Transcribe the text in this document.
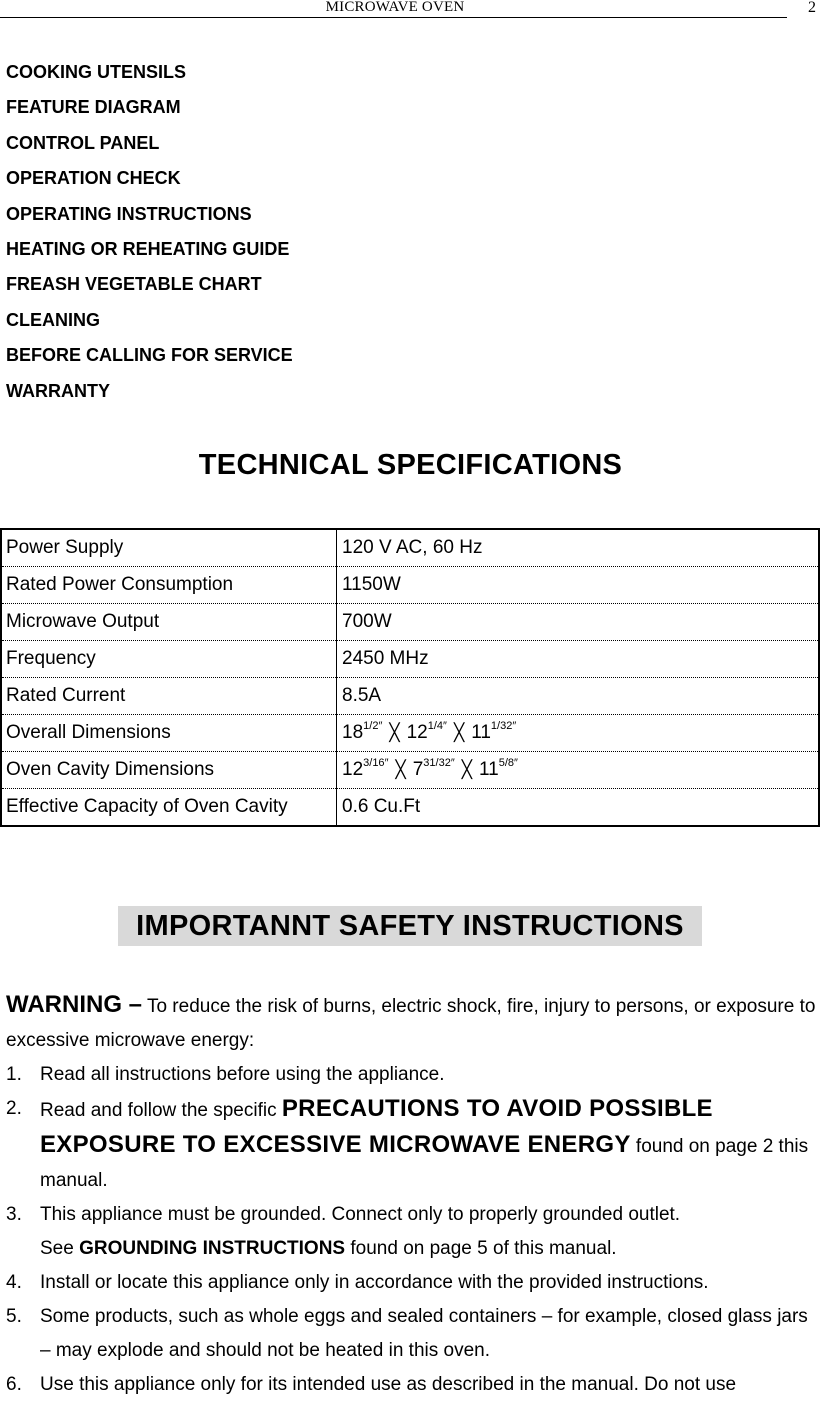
MICROWAVE OVEN	2
COOKING UTENSILS
FEATURE DIAGRAM
CONTROL PANEL
OPERATION CHECK
OPERATING INSTRUCTIONS
HEATING OR REHEATING GUIDE
FREASH VEGETABLE CHART
CLEANING
BEFORE CALLING FOR SERVICE
WARRANTY
TECHNICAL SPECIFICATIONS
Power Supply	120 V AC, 60 Hz
Rated Power Consumption	1150W
Microwave Output	700W
Frequency	2450 MHz
Rated Current	8.5A
Overall Dimensions	$18^{1/2''}$ ╳ $12^{1/4''}$ ╳ $11^{1/32''}$
Oven Cavity Dimensions	$12^{3/16''}$ ╳ $7^{31/32''}$ ╳ $11^{5/8''}$
Effective Capacity of Oven Cavity	0.6 Cu.Ft
IMPORTANNT SAFETY INSTRUCTIONS
WARNING – To reduce the risk of burns, electric shock, fire, injury to persons, or exposure to excessive microwave energy:
1. Read all instructions before using the appliance.
2. Read and follow the specific PRECAUTIONS TO AVOID POSSIBLE EXPOSURE TO EXCESSIVE MICROWAVE ENERGY found on page 2 this manual.
3. This appliance must be grounded. Connect only to properly grounded outlet.
See GROUNDING INSTRUCTIONS found on page 5 of this manual.
4. Install or locate this appliance only in accordance with the provided instructions.
5. Some products, such as whole eggs and sealed containers – for example, closed glass jars – may explode and should not be heated in this oven.
6. Use this appliance only for its intended use as described in the manual. Do not use
